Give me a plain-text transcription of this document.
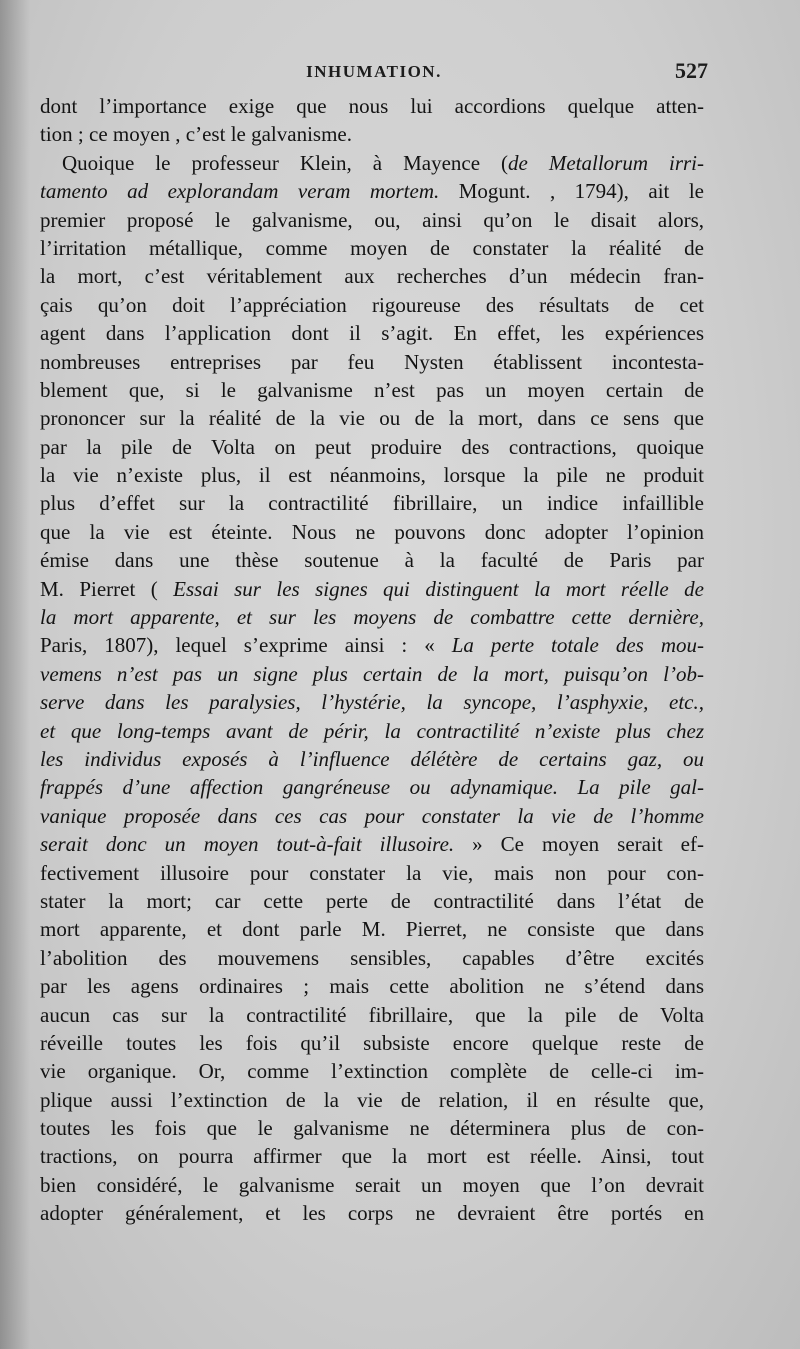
INHUMATION.	527
dont l’importance exige que nous lui accordions quelque atten-
tion ; ce moyen , c’est le galvanisme.
Quoique le professeur Klein, à Mayence (de Metallorum irri-
tamento ad explorandam veram mortem. Mogunt. , 1794), ait le
premier proposé le galvanisme, ou, ainsi qu’on le disait alors,
l’irritation métallique, comme moyen de constater la réalité de
la mort, c’est véritablement aux recherches d’un médecin fran-
çais qu’on doit l’appréciation rigoureuse des résultats de cet
agent dans l’application dont il s’agit. En effet, les expériences
nombreuses entreprises par feu Nysten établissent incontesta-
blement que, si le galvanisme n’est pas un moyen certain de
prononcer sur la réalité de la vie ou de la mort, dans ce sens que
par la pile de Volta on peut produire des contractions, quoique
la vie n’existe plus, il est néanmoins, lorsque la pile ne produit
plus d’effet sur la contractilité fibrillaire, un indice infaillible
que la vie est éteinte. Nous ne pouvons donc adopter l’opinion
émise dans une thèse soutenue à la faculté de Paris par
M. Pierret ( Essai sur les signes qui distinguent la mort réelle de
la mort apparente, et sur les moyens de combattre cette dernière,
Paris, 1807), lequel s’exprime ainsi : « La perte totale des mou-
vemens n’est pas un signe plus certain de la mort, puisqu’on l’ob-
serve dans les paralysies, l’hystérie, la syncope, l’asphyxie, etc.,
et que long-temps avant de périr, la contractilité n’existe plus chez
les individus exposés à l’influence délétère de certains gaz, ou
frappés d’une affection gangréneuse ou adynamique. La pile gal-
vanique proposée dans ces cas pour constater la vie de l’homme
serait donc un moyen tout-à-fait illusoire. » Ce moyen serait ef-
fectivement illusoire pour constater la vie, mais non pour con-
stater la mort; car cette perte de contractilité dans l’état de
mort apparente, et dont parle M. Pierret, ne consiste que dans
l’abolition des mouvemens sensibles, capables d’être excités
par les agens ordinaires ; mais cette abolition ne s’étend dans
aucun cas sur la contractilité fibrillaire, que la pile de Volta
réveille toutes les fois qu’il subsiste encore quelque reste de
vie organique. Or, comme l’extinction complète de celle-ci im-
plique aussi l’extinction de la vie de relation, il en résulte que,
toutes les fois que le galvanisme ne déterminera plus de con-
tractions, on pourra affirmer que la mort est réelle. Ainsi, tout
bien considéré, le galvanisme serait un moyen que l’on devrait
adopter généralement, et les corps ne devraient être portés en
